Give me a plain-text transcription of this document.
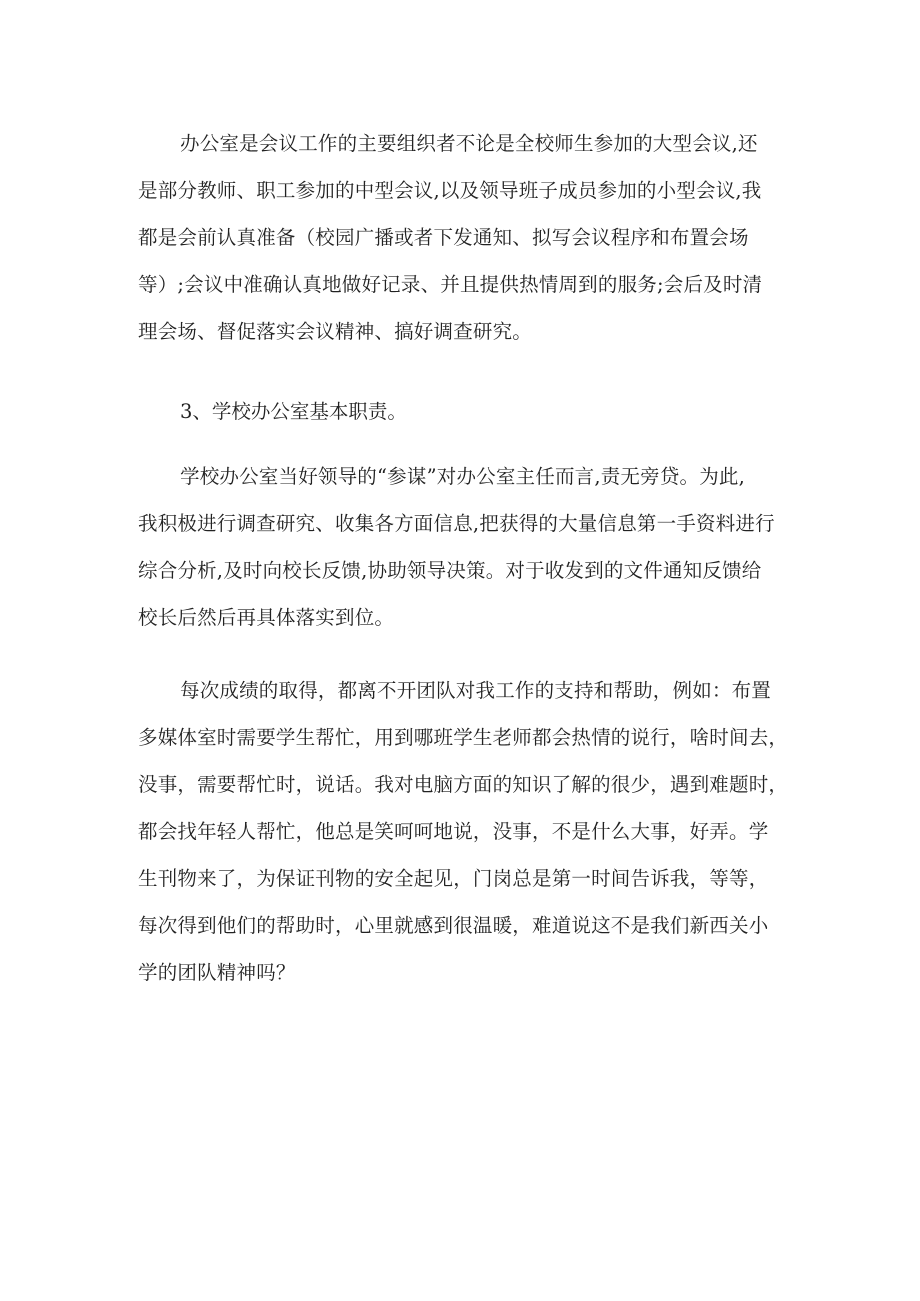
办公室是会议工作的主要组织者不论是全校师生参加的大型会议,还
是部分教师、职工参加的中型会议,以及领导班子成员参加的小型会议,我
都是会前认真准备（校园广播或者下发通知、拟写会议程序和布置会场
等）;会议中准确认真地做好记录、并且提供热情周到的服务;会后及时清
理会场、督促落实会议精神、搞好调查研究。
3、学校办公室基本职责。
学校办公室当好领导的“参谋”对办公室主任而言,责无旁贷。为此,
我积极进行调查研究、收集各方面信息,把获得的大量信息第一手资料进行
综合分析,及时向校长反馈,协助领导决策。对于收发到的文件通知反馈给
校长后然后再具体落实到位。
每次成绩的取得，都离不开团队对我工作的支持和帮助，例如：布置
多媒体室时需要学生帮忙，用到哪班学生老师都会热情的说行，啥时间去，
没事，需要帮忙时，说话。我对电脑方面的知识了解的很少，遇到难题时，
都会找年轻人帮忙，他总是笑呵呵地说，没事，不是什么大事，好弄。学
生刊物来了，为保证刊物的安全起见，门岗总是第一时间告诉我，等等，
每次得到他们的帮助时，心里就感到很温暖，难道说这不是我们新西关小
学的团队精神吗？
